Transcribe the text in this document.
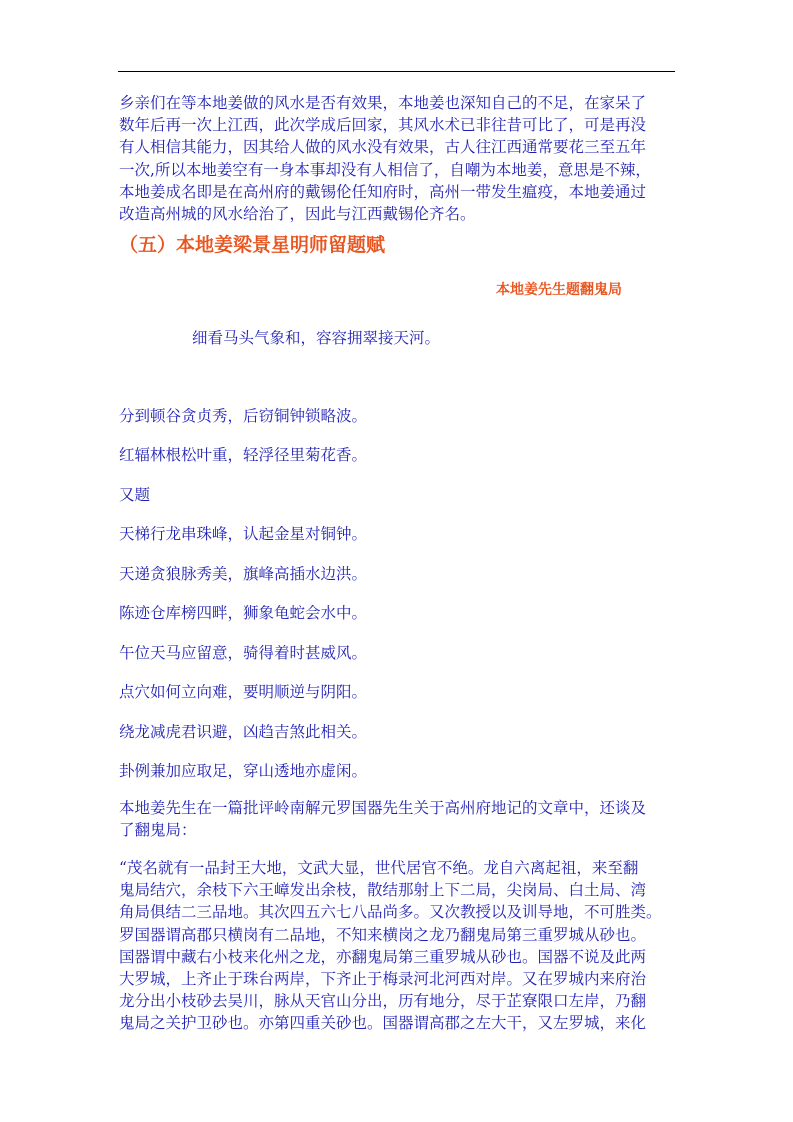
乡亲们在等本地姜做的风水是否有效果，本地姜也深知自己的不足，在家呆了
数年后再一次上江西，此次学成后回家，其风水术已非往昔可比了，可是再没
有人相信其能力，因其给人做的风水没有效果，古人往江西通常要花三至五年
一次,所以本地姜空有一身本事却没有人相信了，自嘲为本地姜，意思是不辣，
本地姜成名即是在高州府的戴锡伦任知府时，高州一带发生瘟疫，本地姜通过
改造高州城的风水给治了，因此与江西戴锡伦齐名。

（五）本地姜梁景星明师留题赋

本地姜先生题翻鬼局

细看马头气象和，容容拥翠接天河。

分到顿谷贪贞秀，后窃铜钟锁略波。

红辐林根松叶重，轻浮径里菊花香。

又题

天梯行龙串珠峰，认起金星对铜钟。

天递贪狼脉秀美，旗峰高插水边洪。

陈迹仓库榜四畔，狮象龟蛇会水中。

午位天马应留意，骑得着时甚威风。

点穴如何立向难，要明顺逆与阴阳。

绕龙减虎君识避，凶趋吉煞此相关。

卦例兼加应取足，穿山透地亦虚闲。

本地姜先生在一篇批评岭南解元罗国器先生关于高州府地记的文章中，还谈及
了翻鬼局：

“茂名就有一品封王大地，文武大显，世代居官不绝。龙自六离起祖，来至翻
鬼局结穴，余枝下六王嶂发出余枝，散结那射上下二局，尖岗局、白土局、湾
角局俱结二三品地。其次四五六七八品尚多。又次教授以及训导地，不可胜类。
罗国器谓高郡只横岗有二品地，不知来横岗之龙乃翻鬼局第三重罗城从砂也。
国器谓中藏右小枝来化州之龙，亦翻鬼局第三重罗城从砂也。国器不说及此两
大罗城，上齐止于珠台两岸，下齐止于梅录河北河西对岸。又在罗城内来府治
龙分出小枝砂去吴川，脉从天官山分出，历有地分，尽于芷寮限口左岸，乃翻
鬼局之关护卫砂也。亦第四重关砂也。国器谓高郡之左大干，又左罗城，来化
